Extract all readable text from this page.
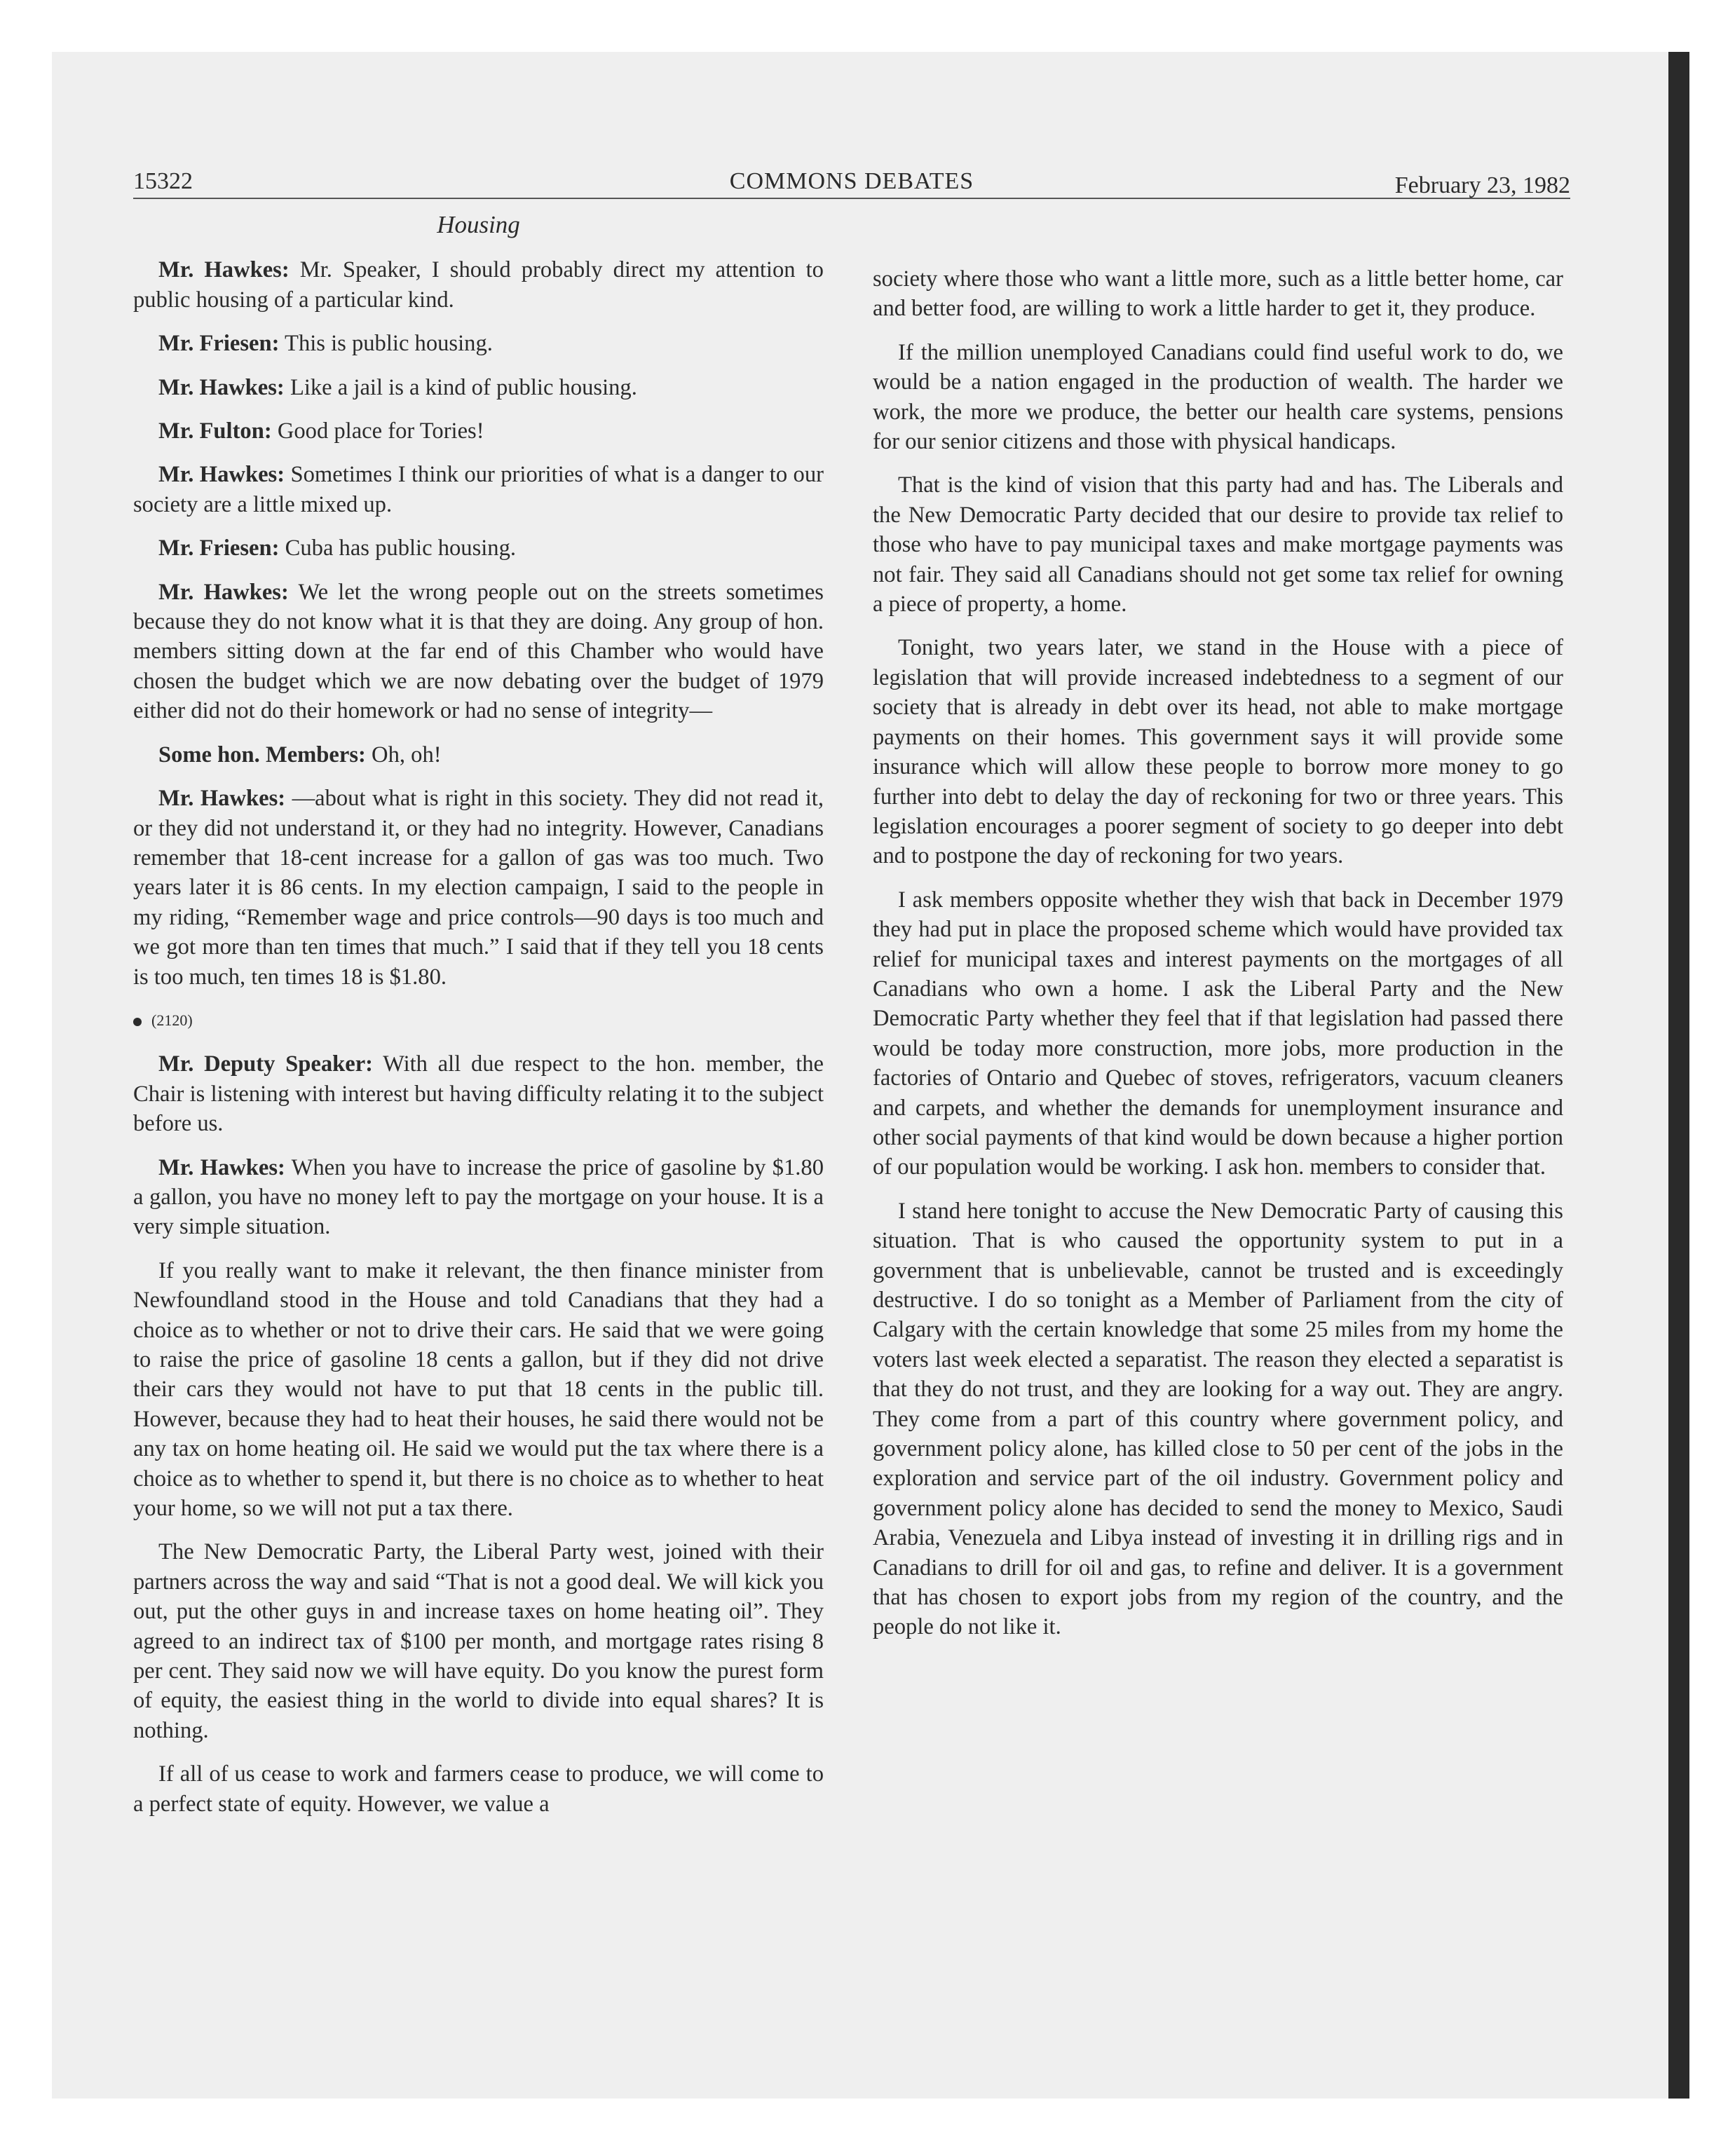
15322	COMMONS DEBATES	February 23, 1982
Housing

Mr. Hawkes: Mr. Speaker, I should probably direct my attention to public housing of a particular kind.

Mr. Friesen: This is public housing.

Mr. Hawkes: Like a jail is a kind of public housing.

Mr. Fulton: Good place for Tories!

Mr. Hawkes: Sometimes I think our priorities of what is a danger to our society are a little mixed up.

Mr. Friesen: Cuba has public housing.

Mr. Hawkes: We let the wrong people out on the streets sometimes because they do not know what it is that they are doing. Any group of hon. members sitting down at the far end of this Chamber who would have chosen the budget which we are now debating over the budget of 1979 either did not do their homework or had no sense of integrity—

Some hon. Members: Oh, oh!

Mr. Hawkes: —about what is right in this society. They did not read it, or they did not understand it, or they had no integrity. However, Canadians remember that 18-cent increase for a gallon of gas was too much. Two years later it is 86 cents. In my election campaign, I said to the people in my riding, “Remember wage and price controls—90 days is too much and we got more than ten times that much.” I said that if they tell you 18 cents is too much, ten times 18 is $1.80.

(2120)

Mr. Deputy Speaker: With all due respect to the hon. member, the Chair is listening with interest but having difficulty relating it to the subject before us.

Mr. Hawkes: When you have to increase the price of gasoline by $1.80 a gallon, you have no money left to pay the mortgage on your house. It is a very simple situation.

If you really want to make it relevant, the then finance minister from Newfoundland stood in the House and told Canadians that they had a choice as to whether or not to drive their cars. He said that we were going to raise the price of gasoline 18 cents a gallon, but if they did not drive their cars they would not have to put that 18 cents in the public till. However, because they had to heat their houses, he said there would not be any tax on home heating oil. He said we would put the tax where there is a choice as to whether to spend it, but there is no choice as to whether to heat your home, so we will not put a tax there.

The New Democratic Party, the Liberal Party west, joined with their partners across the way and said “That is not a good deal. We will kick you out, put the other guys in and increase taxes on home heating oil”. They agreed to an indirect tax of $100 per month, and mortgage rates rising 8 per cent. They said now we will have equity. Do you know the purest form of equity, the easiest thing in the world to divide into equal shares? It is nothing.

If all of us cease to work and farmers cease to produce, we will come to a perfect state of equity. However, we value a

society where those who want a little more, such as a little better home, car and better food, are willing to work a little harder to get it, they produce.

If the million unemployed Canadians could find useful work to do, we would be a nation engaged in the production of wealth. The harder we work, the more we produce, the better our health care systems, pensions for our senior citizens and those with physical handicaps.

That is the kind of vision that this party had and has. The Liberals and the New Democratic Party decided that our desire to provide tax relief to those who have to pay municipal taxes and make mortgage payments was not fair. They said all Canadians should not get some tax relief for owning a piece of property, a home.

Tonight, two years later, we stand in the House with a piece of legislation that will provide increased indebtedness to a segment of our society that is already in debt over its head, not able to make mortgage payments on their homes. This government says it will provide some insurance which will allow these people to borrow more money to go further into debt to delay the day of reckoning for two or three years. This legislation encourages a poorer segment of society to go deeper into debt and to postpone the day of reckoning for two years.

I ask members opposite whether they wish that back in December 1979 they had put in place the proposed scheme which would have provided tax relief for municipal taxes and interest payments on the mortgages of all Canadians who own a home. I ask the Liberal Party and the New Democratic Party whether they feel that if that legislation had passed there would be today more construction, more jobs, more production in the factories of Ontario and Quebec of stoves, refrigerators, vacuum cleaners and carpets, and whether the demands for unemployment insurance and other social payments of that kind would be down because a higher portion of our population would be working. I ask hon. members to consider that.

I stand here tonight to accuse the New Democratic Party of causing this situation. That is who caused the opportunity system to put in a government that is unbelievable, cannot be trusted and is exceedingly destructive. I do so tonight as a Member of Parliament from the city of Calgary with the certain knowledge that some 25 miles from my home the voters last week elected a separatist. The reason they elected a separatist is that they do not trust, and they are looking for a way out. They are angry. They come from a part of this country where government policy, and government policy alone, has killed close to 50 per cent of the jobs in the exploration and service part of the oil industry. Government policy and government policy alone has decided to send the money to Mexico, Saudi Arabia, Venezuela and Libya instead of investing it in drilling rigs and in Canadians to drill for oil and gas, to refine and deliver. It is a government that has chosen to export jobs from my region of the country, and the people do not like it.
